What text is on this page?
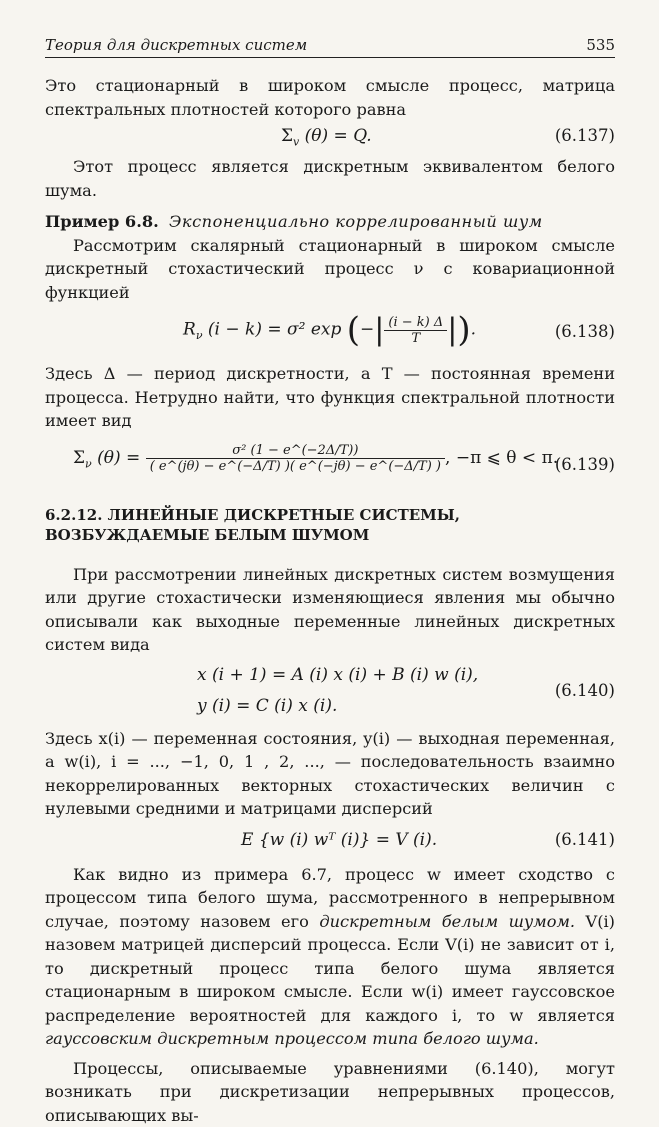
Теория для дискретных систем	535

Это стационарный в широком смысле процесс, матрица спектральных плотностей которого равна

$\Sigma_v$ (θ) = Q.	(6.137)

Этот процесс является дискретным эквивалентом белого шума.

Пример 6.8. Экспоненциально коррелированный шум

Рассмотрим скалярный стационарный в широком смысле дискретный стохастический процесс ν с ковариационной функцией

$R_\nu$ (i − k) = σ² exp (−| $\frac{(i - k) \Delta}{T}$ |).	(6.138)

Здесь Δ — период дискретности, а T — постоянная времени процесса. Нетрудно найти, что функция спектральной плотности имеет вид

$\Sigma_\nu$ $(\theta) = \frac{\text{σ² (1 − e\textasciicircum{}(−2Δ/T))}}{( e\^{}(j\theta) - e\^{}(-\Delta/T) )( e\^{}(-j\theta) - e\^{}(-\Delta/T) )}$ , −π ⩽ θ < π.
(6.139)

6.2.12. ЛИНЕЙНЫЕ ДИСКРЕТНЫЕ СИСТЕМЫ,

ВОЗБУЖДАЕМЫЕ БЕЛЫМ ШУМОМ

При рассмотрении линейных дискретных систем возмущения или другие стохастически изменяющиеся явления мы обычно описывали как выходные переменные линейных дискретных систем вида

x (i + 1) = A (i) x (i) + B (i) w (i),
y (i) = C (i) x (i).
(6.140)

Здесь x(i) — переменная состояния, y(i) — выходная переменная, а w(i), i = ..., −1, 0, 1 , 2, ..., — последовательность взаимно некоррелированных векторных стохастических величин с нулевыми средними и матрицами дисперсий

E {w (i) wᵀ (i)} = V (i).	(6.141)

Как видно из примера 6.7, процесс w имеет сходство с процессом типа белого шума, рассмотренного в непрерывном случае, поэтому назовем его дискретным белым шумом. V(i) назовем матрицей дисперсий процесса. Если V(i) не зависит от i, то дискретный процесс типа белого шума является стационарным в широком смысле. Если w(i) имеет гауссовское распределение вероятностей для каждого i, то w является гауссовским дискретным процессом типа белого шума.

Процессы, описываемые уравнениями (6.140), могут возникать при дискретизации непрерывных процессов, описывающих вы-
